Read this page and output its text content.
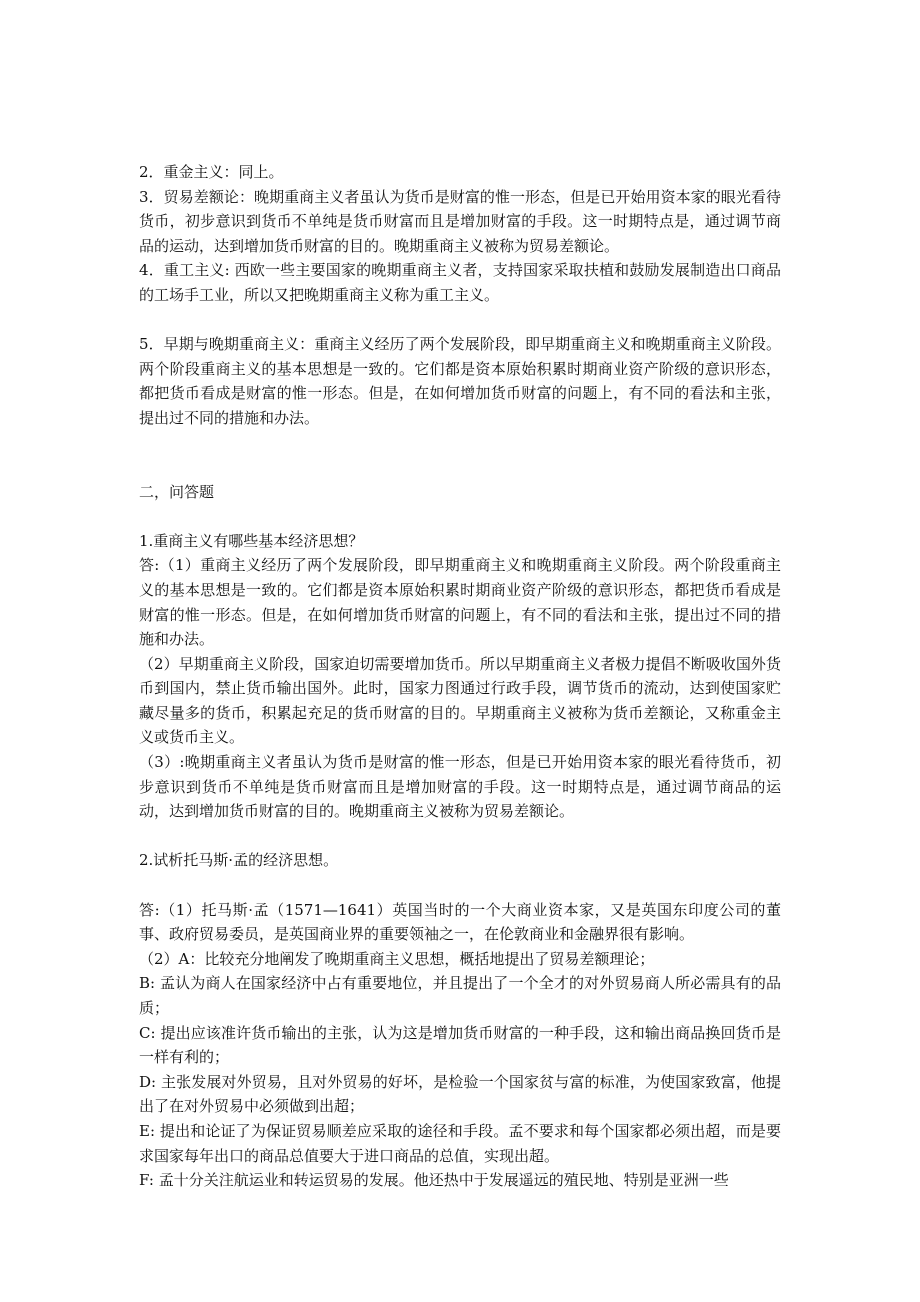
2．重金主义：同上。

3．贸易差额论：晚期重商主义者虽认为货币是财富的惟一形态，但是已开始用资本家的眼光看待货币，初步意识到货币不单纯是货币财富而且是增加财富的手段。这一时期特点是，通过调节商品的运动，达到增加货币财富的目的。晚期重商主义被称为贸易差额论。

4．重工主义: 西欧一些主要国家的晚期重商主义者，支持国家采取扶植和鼓励发展制造出口商品的工场手工业，所以又把晚期重商主义称为重工主义。

5．早期与晚期重商主义：重商主义经历了两个发展阶段，即早期重商主义和晚期重商主义阶段。两个阶段重商主义的基本思想是一致的。它们都是资本原始积累时期商业资产阶级的意识形态，都把货币看成是财富的惟一形态。但是，在如何增加货币财富的问题上，有不同的看法和主张，提出过不同的措施和办法。

二，问答题

1.重商主义有哪些基本经济思想？

答:（1）重商主义经历了两个发展阶段，即早期重商主义和晚期重商主义阶段。两个阶段重商主义的基本思想是一致的。它们都是资本原始积累时期商业资产阶级的意识形态，都把货币看成是财富的惟一形态。但是，在如何增加货币财富的问题上，有不同的看法和主张，提出过不同的措施和办法。

（2）早期重商主义阶段，国家迫切需要增加货币。所以早期重商主义者极力提倡不断吸收国外货币到国内，禁止货币输出国外。此时，国家力图通过行政手段，调节货币的流动，达到使国家贮藏尽量多的货币，积累起充足的货币财富的目的。早期重商主义被称为货币差额论，又称重金主义或货币主义。

（3）:晚期重商主义者虽认为货币是财富的惟一形态，但是已开始用资本家的眼光看待货币，初步意识到货币不单纯是货币财富而且是增加财富的手段。这一时期特点是，通过调节商品的运动，达到增加货币财富的目的。晚期重商主义被称为贸易差额论。

2.试析托马斯·孟的经济思想。

答:（1）托马斯·孟（1571—1641）英国当时的一个大商业资本家，又是英国东印度公司的董事、政府贸易委员，是英国商业界的重要领袖之一，在伦敦商业和金融界很有影响。

（2）A：比较充分地阐发了晚期重商主义思想，概括地提出了贸易差额理论；

B: 孟认为商人在国家经济中占有重要地位，并且提出了一个全才的对外贸易商人所必需具有的品质；

C: 提出应该准许货币输出的主张，认为这是增加货币财富的一种手段，这和输出商品换回货币是一样有利的；

D: 主张发展对外贸易，且对外贸易的好坏，是检验一个国家贫与富的标准，为使国家致富，他提出了在对外贸易中必须做到出超；

E: 提出和论证了为保证贸易顺差应采取的途径和手段。孟不要求和每个国家都必须出超，而是要求国家每年出口的商品总值要大于进口商品的总值，实现出超。

F: 孟十分关注航运业和转运贸易的发展。他还热中于发展遥远的殖民地、特别是亚洲一些
